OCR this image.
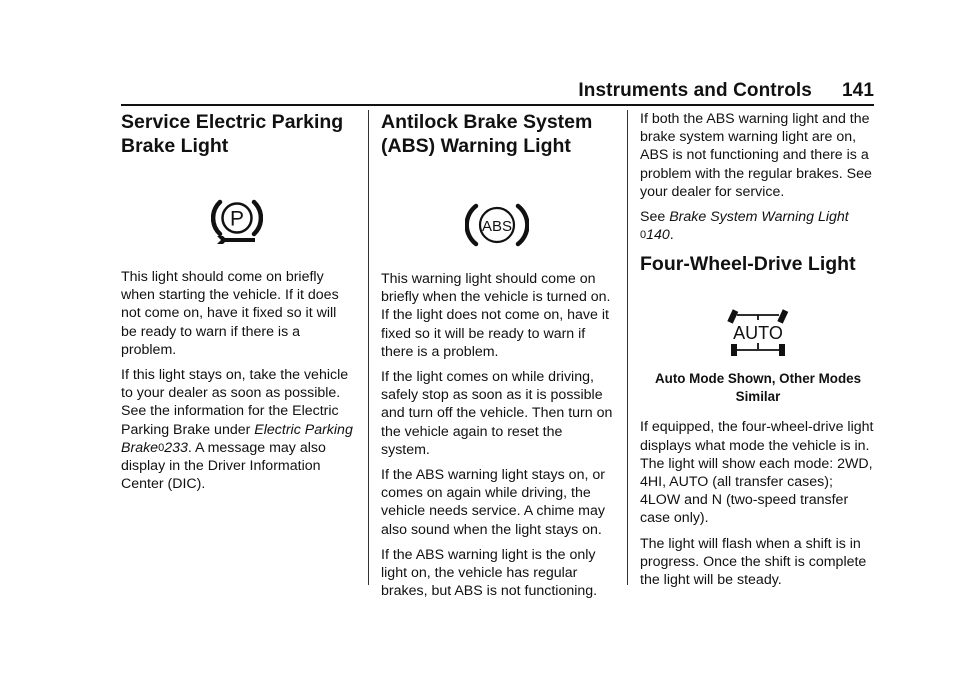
Instruments and Controls 141
Service Electric Parking
Brake Light
P

This light should come on briefly when starting the vehicle. If it does not come on, have it fixed so it will be ready to warn if there is a problem.

If this light stays on, take the vehicle to your dealer as soon as possible. See the information for the Electric Parking Brake under Electric Parking Brake0233. A message may also display in the Driver Information Center (DIC).

Antilock Brake System
(ABS) Warning Light
ABS

This warning light should come on briefly when the vehicle is turned on. If the light does not come on, have it fixed so it will be ready to warn if there is a problem.

If the light comes on while driving, safely stop as soon as it is possible and turn off the vehicle. Then turn on the vehicle again to reset the system.

If the ABS warning light stays on, or comes on again while driving, the vehicle needs service. A chime may also sound when the light stays on.

If the ABS warning light is the only light on, the vehicle has regular brakes, but ABS is not functioning.

If both the ABS warning light and the brake system warning light are on, ABS is not functioning and there is a problem with the regular brakes. See your dealer for service.

See Brake System Warning Light
0140.

Four-Wheel-Drive Light
AUTO

Auto Mode Shown, Other Modes Similar

If equipped, the four-wheel-drive light displays what mode the vehicle is in. The light will show each mode: 2WD, 4HI, AUTO (all transfer cases); 4LOW and N (two-speed transfer case only).

The light will flash when a shift is in progress. Once the shift is complete the light will be steady.
